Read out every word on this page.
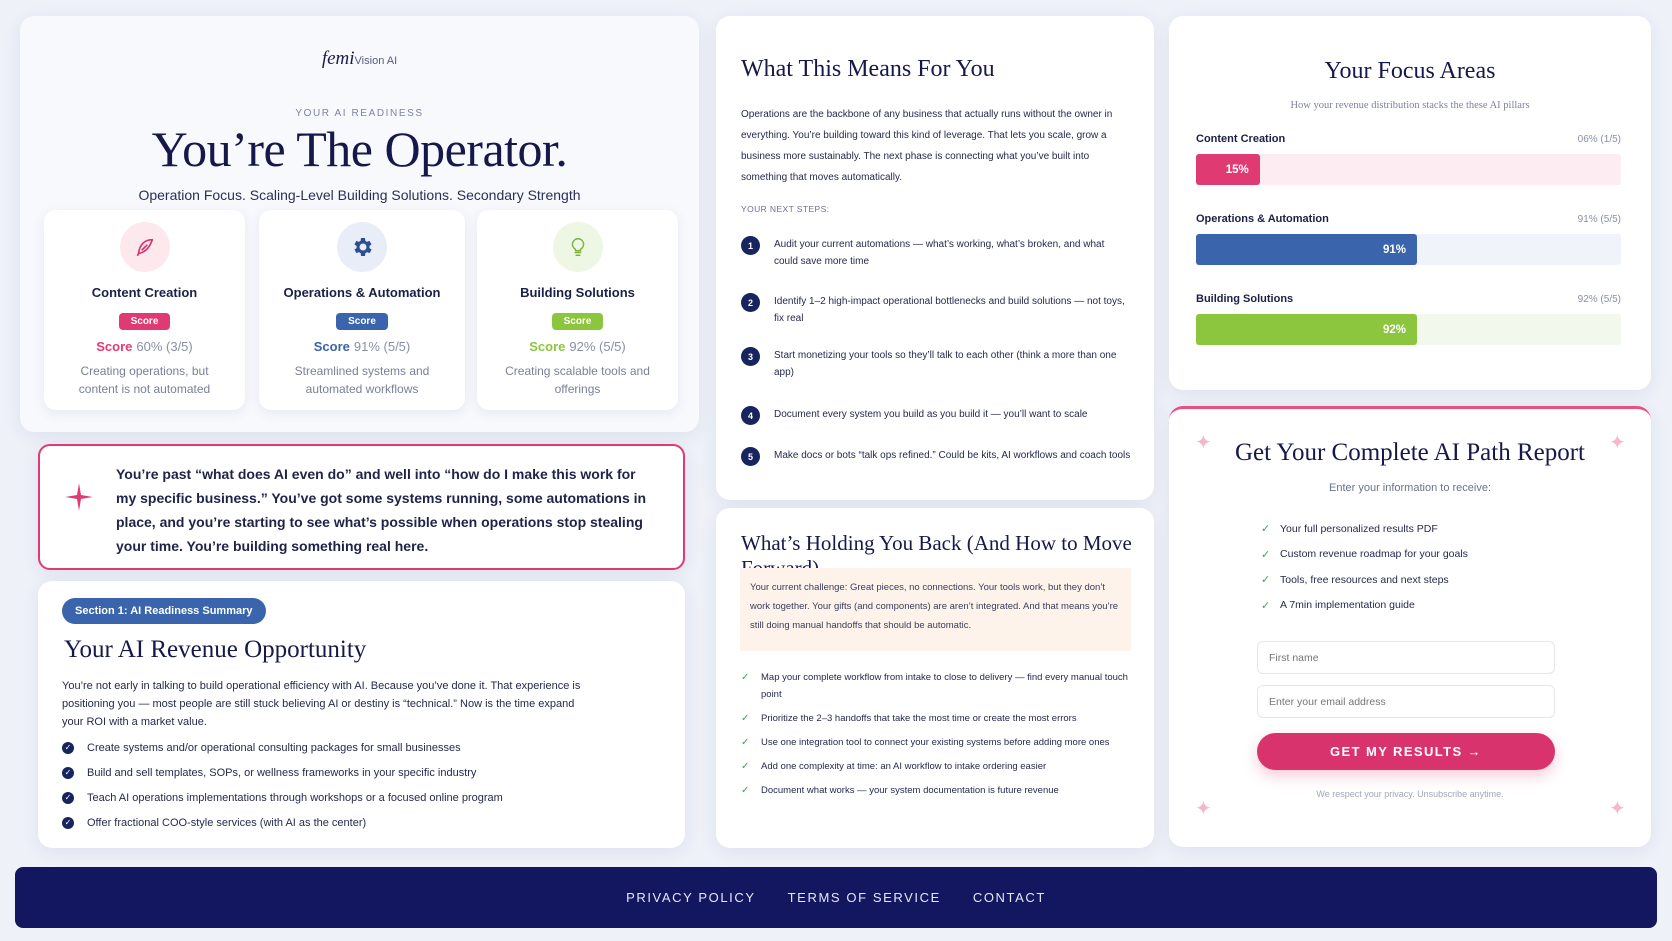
femiVision AI
YOUR AI READINESS
You’re The Operator.
Operation Focus. Scaling-Level Building Solutions. Secondary Strength
Content Creation
Score
Score 60% (3/5)
Creating operations, but content is not automated
Operations & Automation
Score
Score 91% (5/5)
Streamlined systems and automated workflows
Building Solutions
Score
Score 92% (5/5)
Creating scalable tools and offerings
You’re past “what does AI even do” and well into “how do I make this work for my specific business.” You’ve got some systems running, some automations in place, and you’re starting to see what’s possible when operations stop stealing your time. You’re building something real here.
Section 1: AI Readiness Summary
Your AI Revenue Opportunity
You’re not early in talking to build operational efficiency with AI. Because you’ve done it. That experience is positioning you — most people are still stuck believing AI or destiny is “technical.” Now is the time expand your ROI with a market value.
✓ Create systems and/or operational consulting packages for small businesses
✓ Build and sell templates, SOPs, or wellness frameworks in your specific industry
✓ Teach AI operations implementations through workshops or a focused online program
✓ Offer fractional COO-style services (with AI as the center)
What This Means For You
Operations are the backbone of any business that actually runs without the owner in everything. You’re building toward this kind of leverage. That lets you scale, grow a business more sustainably. The next phase is connecting what you’ve built into something that moves automatically.
YOUR NEXT STEPS:
1	Audit your current automations — what’s working, what’s broken, and what could save more time
2	Identify 1–2 high-impact operational bottlenecks and build solutions — not toys, fix real
3	Start monetizing your tools so they’ll talk to each other (think a more than one app)
4	Document every system you build as you build it — you’ll want to scale
5	Make docs or bots “talk ops refined.” Could be kits, AI workflows and coach tools
What’s Holding You Back (And How to Move
Your current challenge: Great pieces, no connections. Your tools work, but they don’t work together. Your gifts (and components) are aren’t integrated. And that means you’re still doing manual handoffs that should be automatic.
✓	Map your complete workflow from intake to close to delivery — find every manual touch point
✓	Prioritize the 2–3 handoffs that take the most time or create the most errors
✓	Use one integration tool to connect your existing systems before adding more ones
✓	Add one complexity at time: an AI workflow to intake ordering easier
✓	Document what works — your system documentation is future revenue
Your Focus Areas
How your revenue distribution stacks the these AI pillars
Content Creation	06% (1/5)
15%
Operations & Automation	91% (5/5)
91%
Building Solutions	92% (5/5)
92%
✦	✦
✦	✦
Get Your Complete AI Path Report
Enter your information to receive:
✓ Your full personalized results PDF
✓ Custom revenue roadmap for your goals
✓ Tools, free resources and next steps
✓ A 7min implementation guide
First name
Enter your email address
GET MY RESULTS →
We respect your privacy. Unsubscribe anytime.
PRIVACY POLICY TERMS OF SERVICE CONTACT
